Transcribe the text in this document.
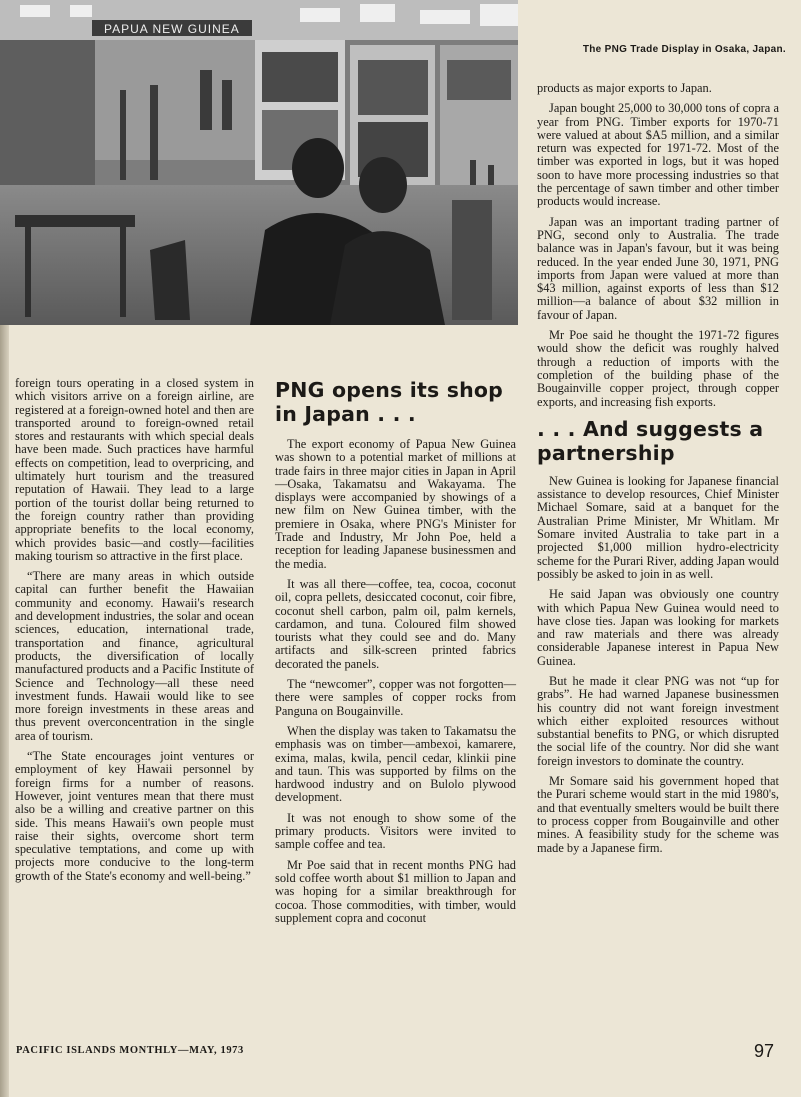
PAPUA NEW GUINEA
The PNG Trade Display in Osaka, Japan.

foreign tours operating in a closed system in which visitors arrive on a foreign airline, are registered at a foreign-owned hotel and then are transported around to foreign-owned retail stores and restaurants with which special deals have been made. Such practices have harmful effects on competition, lead to overpricing, and ultimately hurt tourism and the treasured reputation of Hawaii. They lead to a large portion of the tourist dollar being returned to the foreign country rather than providing appropriate benefits to the local economy, which provides basic—and costly—facilities making tourism so attractive in the first place.

“There are many areas in which outside capital can further benefit the Hawaiian community and economy. Hawaii's research and development industries, the solar and ocean sciences, education, international trade, transportation and finance, agricultural products, the diversification of locally manufactured products and a Pacific Institute of Science and Technology—all these need investment funds. Hawaii would like to see more foreign investments in these areas and thus prevent overconcentration in the single area of tourism.

“The State encourages joint ventures or employment of key Hawaii personnel by foreign firms for a number of reasons. However, joint ventures mean that there must also be a willing and creative partner on this side. This means Hawaii's own people must raise their sights, overcome short term speculative temptations, and come up with projects more conducive to the long-term growth of the State's economy and well-being.”

PNG opens its shop in Japan . . .

The export economy of Papua New Guinea was shown to a potential market of millions at trade fairs in three major cities in Japan in April—Osaka, Takamatsu and Wakayama. The displays were accompanied by showings of a new film on New Guinea timber, with the premiere in Osaka, where PNG's Minister for Trade and Industry, Mr John Poe, held a reception for leading Japanese businessmen and the media.

It was all there—coffee, tea, cocoa, coconut oil, copra pellets, desiccated coconut, coir fibre, coconut shell carbon, palm oil, palm kernels, cardamon, and tuna. Coloured film showed tourists what they could see and do. Many artifacts and silk-screen printed fabrics decorated the panels.

The “newcomer”, copper was not forgotten—there were samples of copper rocks from Panguna on Bougainville.

When the display was taken to Takamatsu the emphasis was on timber—ambexoi, kamarere, exima, malas, kwila, pencil cedar, klinkii pine and taun. This was supported by films on the hardwood industry and on Bulolo plywood development.

It was not enough to show some of the primary products. Visitors were invited to sample coffee and tea.

Mr Poe said that in recent months PNG had sold coffee worth about $1 million to Japan and was hoping for a similar breakthrough for cocoa. Those commodities, with timber, would supplement copra and coconut

products as major exports to Japan.

Japan bought 25,000 to 30,000 tons of copra a year from PNG. Timber exports for 1970-71 were valued at about $A5 million, and a similar return was expected for 1971-72. Most of the timber was exported in logs, but it was hoped soon to have more processing industries so that the percentage of sawn timber and other timber products would increase.

Japan was an important trading partner of PNG, second only to Australia. The trade balance was in Japan's favour, but it was being reduced. In the year ended June 30, 1971, PNG imports from Japan were valued at more than $43 million, against exports of less than $12 million—a balance of about $32 million in favour of Japan.

Mr Poe said he thought the 1971-72 figures would show the deficit was roughly halved through a reduction of imports with the completion of the building phase of the Bougainville copper project, through copper exports, and increasing fish exports.

. . . And suggests a partnership

New Guinea is looking for Japanese financial assistance to develop resources, Chief Minister Michael Somare, said at a banquet for the Australian Prime Minister, Mr Whitlam. Mr Somare invited Australia to take part in a projected $1,000 million hydro-electricity scheme for the Purari River, adding Japan would possibly be asked to join in as well.

He said Japan was obviously one country with which Papua New Guinea would need to have close ties. Japan was looking for markets and raw materials and there was already considerable Japanese interest in Papua New Guinea.

But he made it clear PNG was not “up for grabs”. He had warned Japanese businessmen his country did not want foreign investment which either exploited resources without substantial benefits to PNG, or which disrupted the social life of the country. Nor did she want foreign investors to dominate the country.

Mr Somare said his government hoped that the Purari scheme would start in the mid 1980's, and that eventually smelters would be built there to process copper from Bougainville and other mines. A feasibility study for the scheme was made by a Japanese firm.

PACIFIC ISLANDS MONTHLY—MAY, 1973	97
